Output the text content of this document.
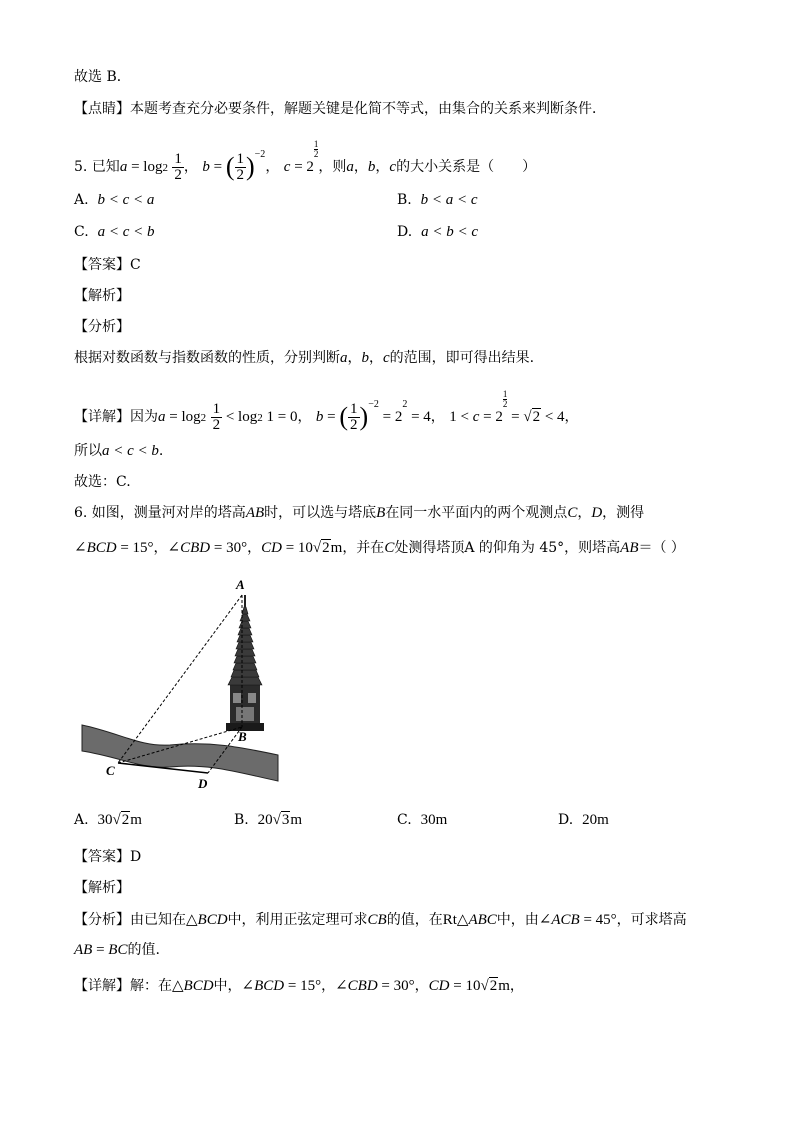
故选 B．
【点睛】本题考查充分必要条件，解题关键是化简不等式，由集合的关系来判断条件．
5. 已知$a = \log 2 \frac{1}{2}$ ， b = ( $\frac{1}{2} )^{-2}$， c = 2
$\frac{1}{2}$
，则a，b，c的大小关系是（　　）
A. b < c < a	B. b < a < c
C. a < c < b	D. a < b < c
【答案】C
【解析】
【分析】
根据对数函数与指数函数的性质，分别判断a，b，c的范围，即可得出结果.
【详解】因为$a = \log 2 \frac{1}{2} < \log 2$ 1 = 0， b = ( $\frac{1}{2} )^{-2} = 2^2 = 4$， 1 < c = 2
$\frac{1}{2}$
= √2 < 4，
所以a < c < b.
故选：C.
6. 如图，测量河对岸的塔高AB时，可以选与塔底B在同一水平面内的两个观测点C，D，测得
∠BCD = 15°，∠CBD = 30°，CD = 10√2m，并在C处测得塔顶A 的仰角为 45°，则塔高AB＝（ ）
A
B
C
D
A. 30√2m	B. 20√3m	C. 30m	D. 20m
【答案】D
【解析】
【分析】由已知在△BCD中，利用正弦定理可求CB的值，在Rt△ABC中，由∠ACB = 45°，可求塔高
AB = BC的值.
【详解】解：在△BCD中，∠BCD = 15°，∠CBD = 30°，CD = 10√2m，
